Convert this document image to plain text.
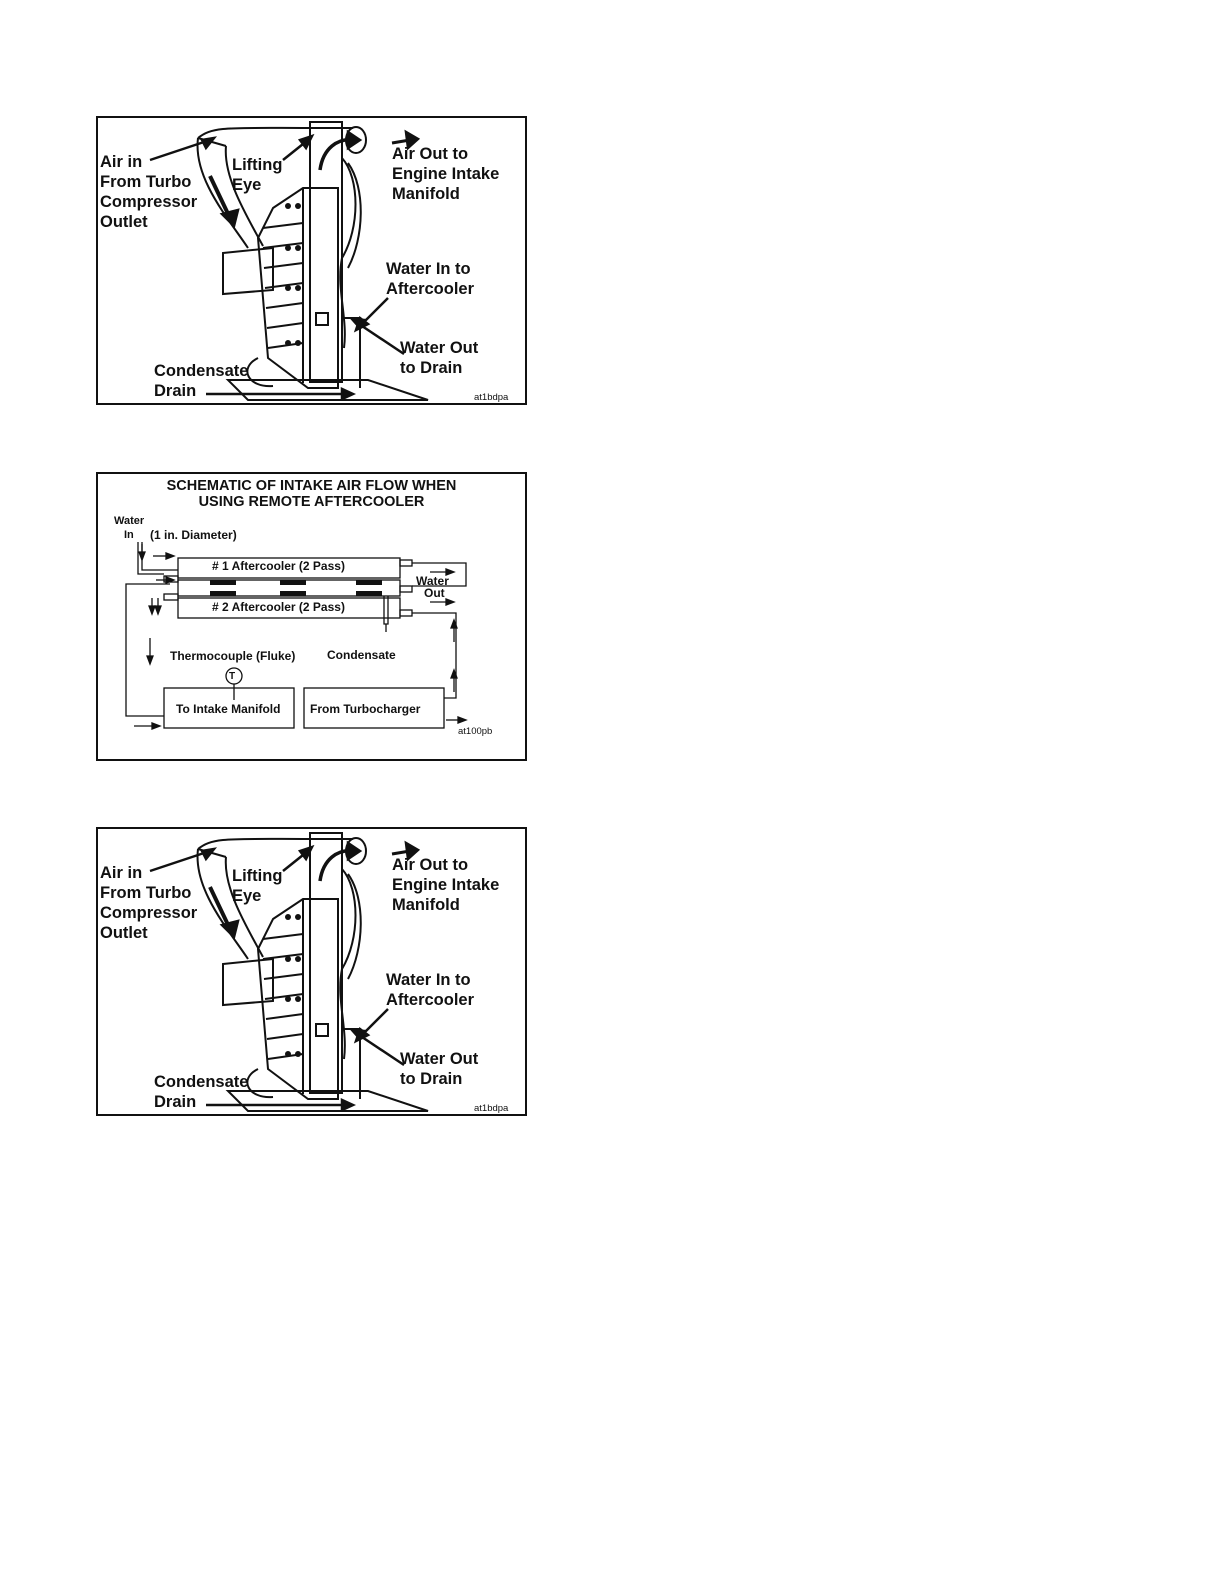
Air in
From Turbo
Compressor
Outlet
Lifting
Eye
Air Out to
Engine Intake
Manifold
Water In to
Aftercooler
Water Out
to Drain
Condensate
Drain	at1bdpa
SCHEMATIC OF INTAKE AIR FLOW WHEN
USING REMOTE AFTERCOOLER
Water
In (1 in. Diameter)
# 1 Aftercooler (2 Pass)
# 2 Aftercooler (2 Pass)
Water
Out
Thermocouple (Fluke)
T
Condensate
To Intake Manifold From Turbocharger
at100pb
Air in
From Turbo
Compressor
Outlet
Lifting
Eye
Air Out to
Engine Intake
Manifold
Water In to
Aftercooler
Water Out
to Drain
Condensate
Drain	at1bdpa
